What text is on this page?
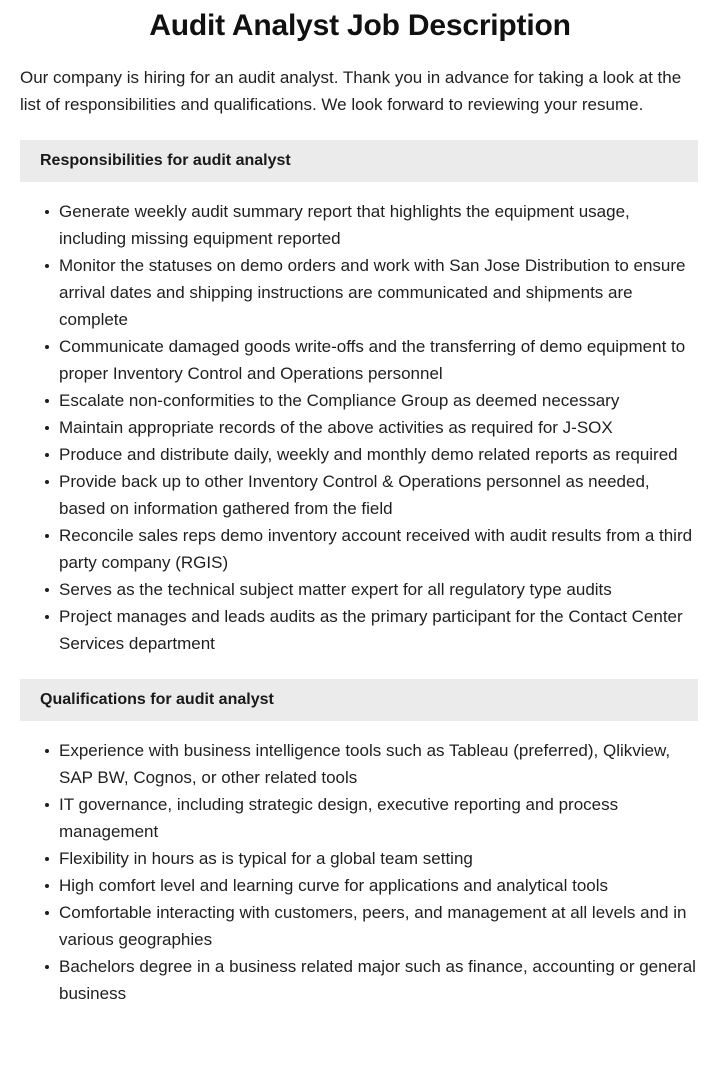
Audit Analyst Job Description

Our company is hiring for an audit analyst. Thank you in advance for taking a look at the list of responsibilities and qualifications. We look forward to reviewing your resume.

Responsibilities for audit analyst
Generate weekly audit summary report that highlights the equipment usage, including missing equipment reported
Monitor the statuses on demo orders and work with San Jose Distribution to ensure arrival dates and shipping instructions are communicated and shipments are complete
Communicate damaged goods write-offs and the transferring of demo equipment to proper Inventory Control and Operations personnel
Escalate non-conformities to the Compliance Group as deemed necessary
Maintain appropriate records of the above activities as required for J-SOX
Produce and distribute daily, weekly and monthly demo related reports as required
Provide back up to other Inventory Control & Operations personnel as needed, based on information gathered from the field
Reconcile sales reps demo inventory account received with audit results from a third party company (RGIS)
Serves as the technical subject matter expert for all regulatory type audits
Project manages and leads audits as the primary participant for the Contact Center Services department
Qualifications for audit analyst
Experience with business intelligence tools such as Tableau (preferred), Qlikview, SAP BW, Cognos, or other related tools
IT governance, including strategic design, executive reporting and process management
Flexibility in hours as is typical for a global team setting
High comfort level and learning curve for applications and analytical tools
Comfortable interacting with customers, peers, and management at all levels and in various geographies
Bachelors degree in a business related major such as finance, accounting or general business
